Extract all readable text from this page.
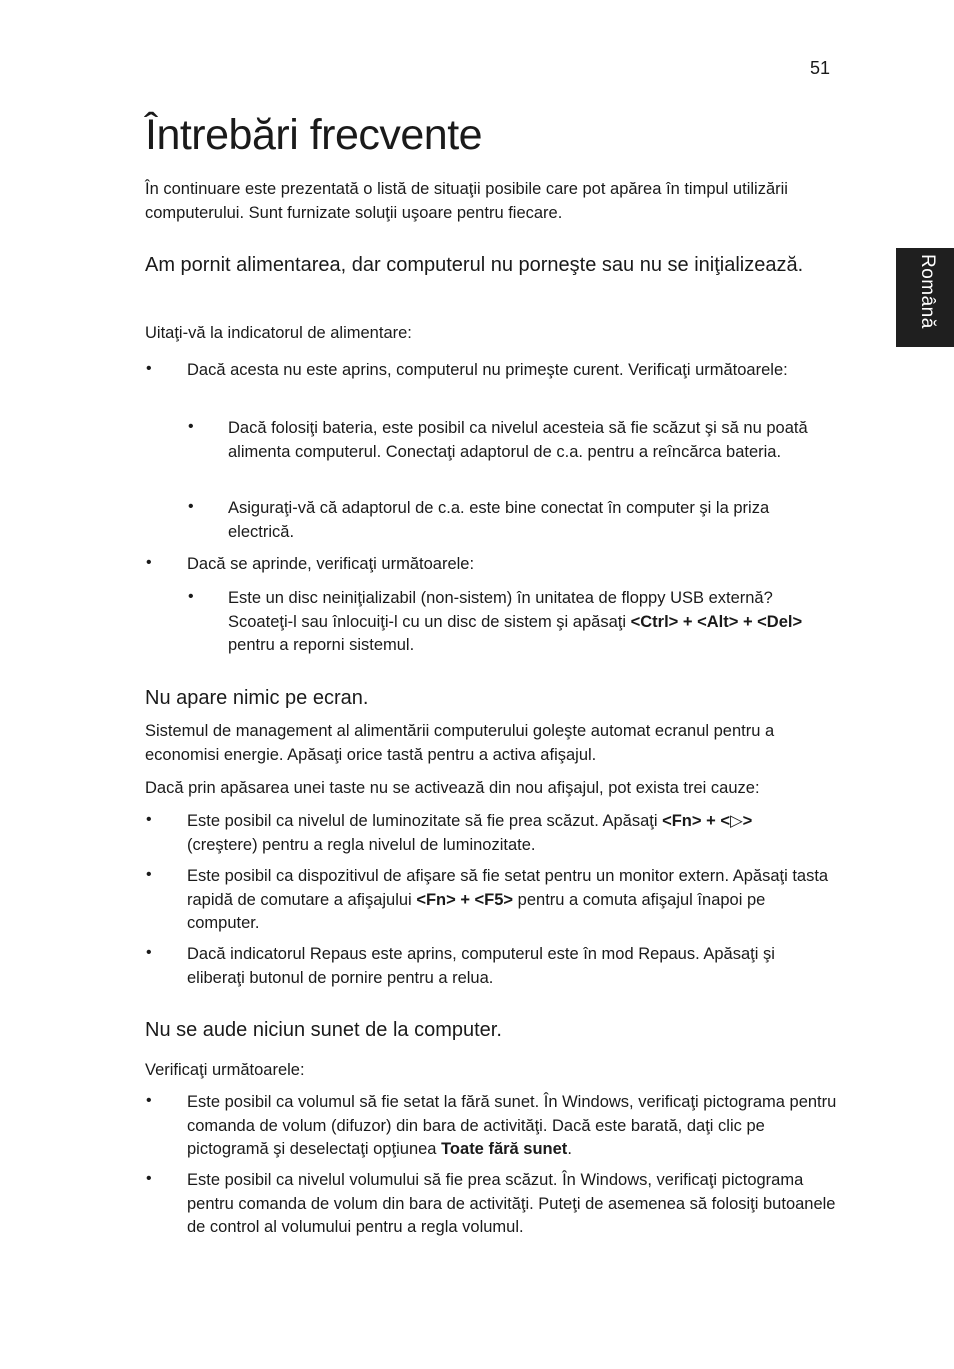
51
Română
Întrebări frecvente

În continuare este prezentată o listă de situaţii posibile care pot apărea în timpul utilizării computerului. Sunt furnizate soluţii uşoare pentru fiecare.

Am pornit alimentarea, dar computerul nu porneşte sau nu se iniţializează.

Uitaţi-vă la indicatorul de alimentare:

• Dacă acesta nu este aprins, computerul nu primeşte curent. Verificaţi următoarele:

• Dacă folosiţi bateria, este posibil ca nivelul acesteia să fie scăzut şi să nu poată alimenta computerul. Conectaţi adaptorul de c.a. pentru a reîncărca bateria.

• Asiguraţi-vă că adaptorul de c.a. este bine conectat în computer şi la priza electrică.

• Dacă se aprinde, verificaţi următoarele:

• Este un disc neiniţializabil (non-sistem) în unitatea de floppy USB externă? Scoateţi-l sau înlocuiţi-l cu un disc de sistem şi apăsaţi <Ctrl> + <Alt> + <Del> pentru a reporni sistemul.

Nu apare nimic pe ecran.

Sistemul de management al alimentării computerului goleşte automat ecranul pentru a economisi energie. Apăsaţi orice tastă pentru a activa afişajul.

Dacă prin apăsarea unei taste nu se activează din nou afişajul, pot exista trei cauze:

• Este posibil ca nivelul de luminozitate să fie prea scăzut. Apăsaţi <Fn> + <▷>
(creştere) pentru a regla nivelul de luminozitate.

• Este posibil ca dispozitivul de afişare să fie setat pentru un monitor extern. Apăsaţi tasta rapidă de comutare a afişajului <Fn> + <F5> pentru a comuta afişajul înapoi pe computer.

• Dacă indicatorul Repaus este aprins, computerul este în mod Repaus. Apăsaţi şi eliberaţi butonul de pornire pentru a relua.

Nu se aude niciun sunet de la computer.

Verificaţi următoarele:

• Este posibil ca volumul să fie setat la fără sunet. În Windows, verificaţi pictograma pentru comanda de volum (difuzor) din bara de activităţi. Dacă este barată, daţi clic pe pictogramă şi deselectaţi opţiunea Toate fără sunet.

• Este posibil ca nivelul volumului să fie prea scăzut. În Windows, verificaţi pictograma pentru comanda de volum din bara de activităţi. Puteţi de asemenea să folosiţi butoanele de control al volumului pentru a regla volumul.
